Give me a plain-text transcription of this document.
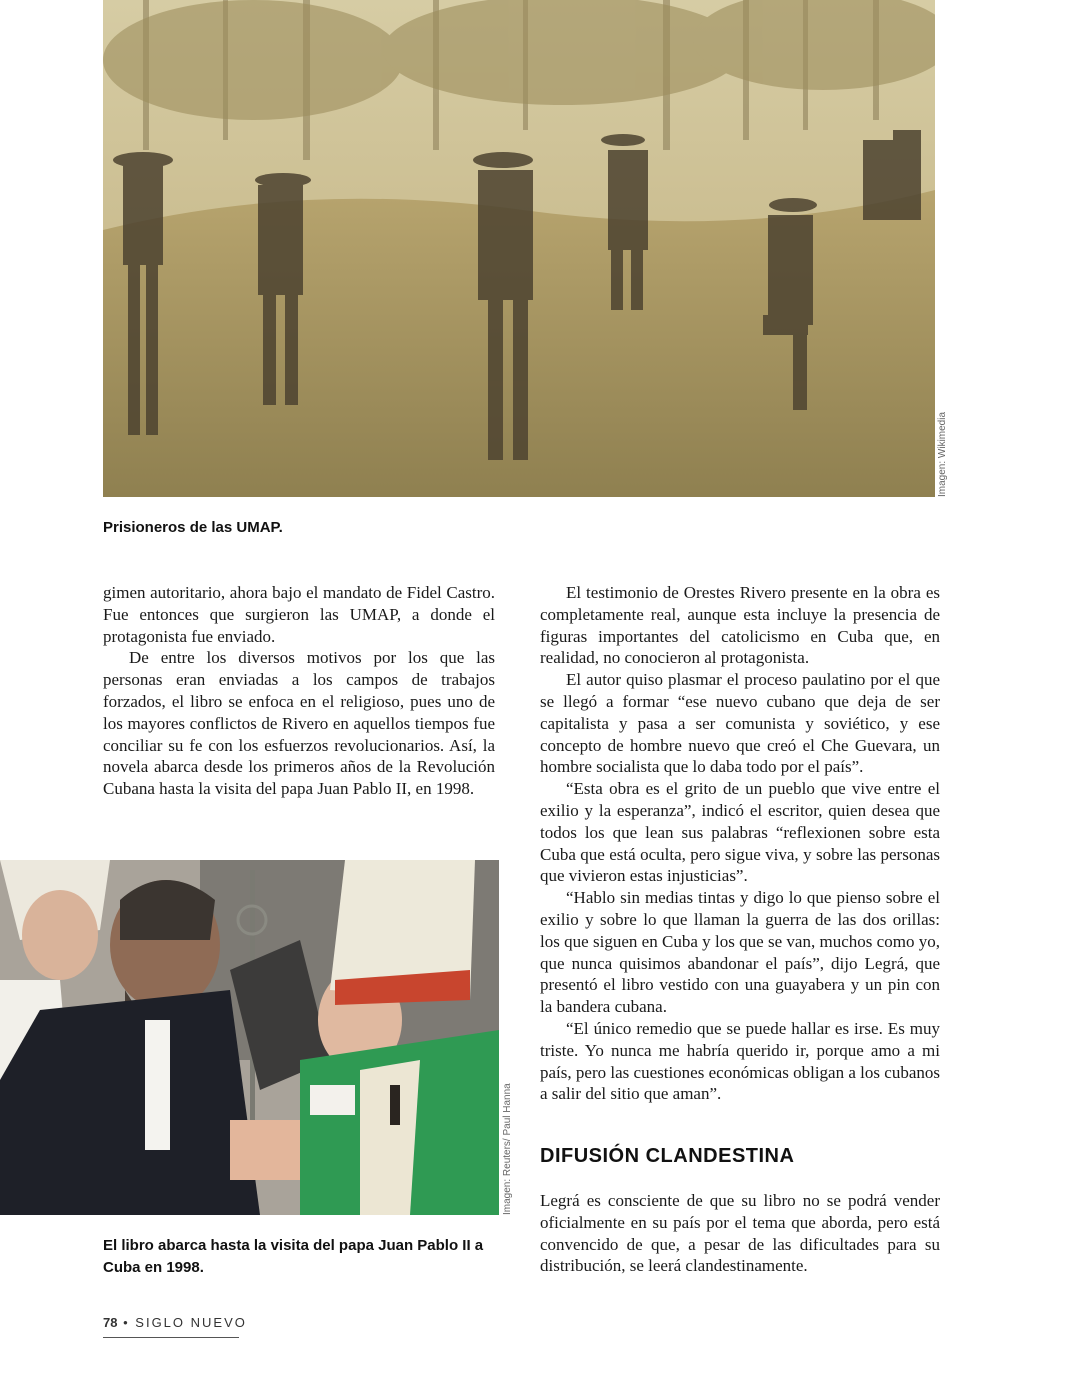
Imagen: Wikimedia
Prisioneros de las UMAP.

gimen autoritario, ahora bajo el mandato de Fidel Castro. Fue entonces que surgieron las UMAP, a donde el protagonista fue enviado.

De entre los diversos motivos por los que las personas eran enviadas a los campos de trabajos forzados, el libro se enfoca en el religioso, pues uno de los mayores conflictos de Rivero en aquellos tiempos fue conciliar su fe con los esfuerzos revolucionarios. Así, la novela abarca desde los primeros años de la Revolución Cubana hasta la visita del papa Juan Pablo II, en 1998.

Imagen: Reuters/ Paul Hanna
El libro abarca hasta la visita del papa Juan Pablo II a Cuba en 1998.

El testimonio de Orestes Rivero presente en la obra es completamente real, aunque esta incluye la presencia de figuras importantes del catolicismo en Cuba que, en realidad, no conocieron al protagonista.

El autor quiso plasmar el proceso paulatino por el que se llegó a formar “ese nuevo cubano que deja de ser capitalista y pasa a ser comunista y soviético, y ese concepto de hombre nuevo que creó el Che Guevara, un hombre socialista que lo daba todo por el país”.

“Esta obra es el grito de un pueblo que vive entre el exilio y la esperanza”, indicó el escritor, quien desea que todos los que lean sus palabras “reflexionen sobre esta Cuba que está oculta, pero sigue viva, y sobre las personas que vivieron estas injusticias”.

“Hablo sin medias tintas y digo lo que pienso sobre el exilio y sobre lo que llaman la guerra de las dos orillas: los que siguen en Cuba y los que se van, muchos como yo, que nunca quisimos abandonar el país”, dijo Legrá, que presentó el libro vestido con una guayabera y un pin con la bandera cubana.

“El único remedio que se puede hallar es irse. Es muy triste. Yo nunca me habría querido ir, porque amo a mi país, pero las cuestiones económicas obligan a los cubanos a salir del sitio que aman”.

DIFUSIÓN CLANDESTINA

Legrá es consciente de que su libro no se podrá vender oficialmente en su país por el tema que aborda, pero está convencido de que, a pesar de las dificultades para su distribución, se leerá clandestinamente.

78 • SIGLO NUEVO
